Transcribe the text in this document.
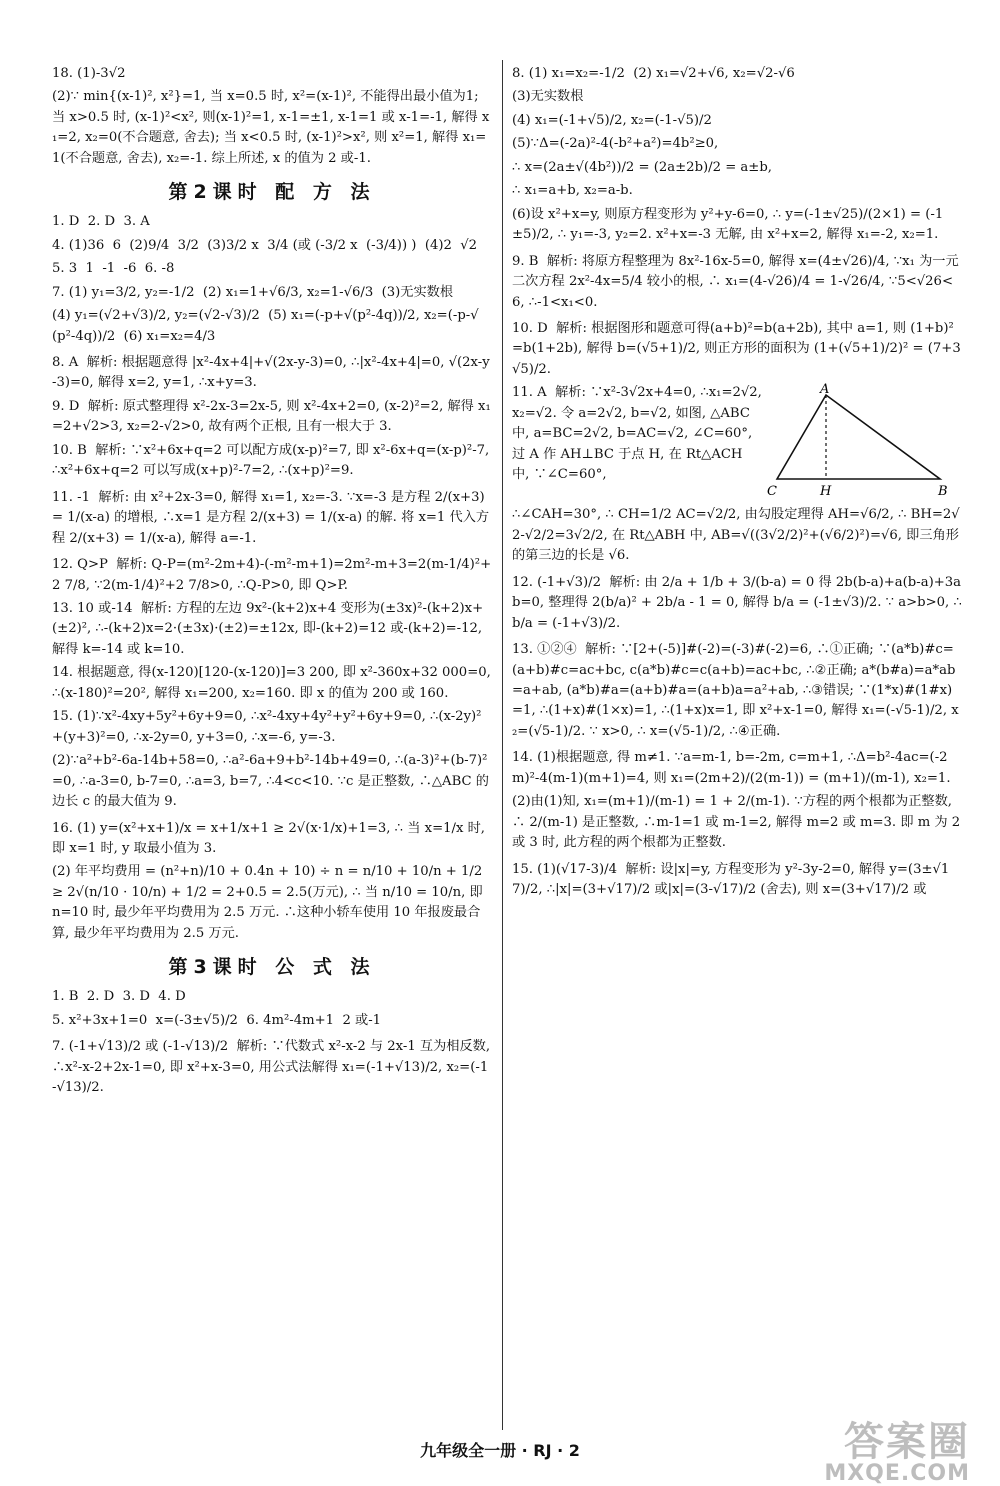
18. (1)-3√2

(2)∵ min{(x-1)², x²}=1, 当 x=0.5 时, x²=(x-1)², 不能得出最小值为1; 当 x>0.5 时, (x-1)²<x², 则(x-1)²=1, x-1=±1, x-1=1 或 x-1=-1, 解得 x₁=2, x₂=0(不合题意, 舍去); 当 x<0.5 时, (x-1)²>x², 则 x²=1, 解得 x₁=1(不合题意, 舍去), x₂=-1. 综上所述, x 的值为 2 或-1.

第2课时 配 方 法

1. D  2. D  3. A

4. (1)36  6  (2)9/4  3/2  (3)3/2 x  3/4 (或 (-3/2 x  (-3/4)) )  (4)2  √2

5. 3  1  -1  -6  6. -8

7. (1) y₁=3/2, y₂=-1/2  (2) x₁=1+√6/3, x₂=1-√6/3  (3)无实数根

(4) y₁=(√2+√3)/2, y₂=(√2-√3)/2  (5) x₁=(-p+√(p²-4q))/2, x₂=(-p-√(p²-4q))/2  (6) x₁=x₂=4/3

8. A  解析: 根据题意得 |x²-4x+4|+√(2x-y-3)=0, ∴|x²-4x+4|=0, √(2x-y-3)=0, 解得 x=2, y=1, ∴x+y=3.

9. D  解析: 原式整理得 x²-2x-3=2x-5, 则 x²-4x+2=0, (x-2)²=2, 解得 x₁=2+√2>3, x₂=2-√2>0, 故有两个正根, 且有一根大于 3.

10. B  解析: ∵x²+6x+q=2 可以配方成(x-p)²=7, 即 x²-6x+q=(x-p)²-7, ∴x²+6x+q=2 可以写成(x+p)²-7=2, ∴(x+p)²=9.

11. -1  解析: 由 x²+2x-3=0, 解得 x₁=1, x₂=-3. ∵x=-3 是方程 2/(x+3) = 1/(x-a) 的增根, ∴x=1 是方程 2/(x+3) = 1/(x-a) 的解. 将 x=1 代入方程 2/(x+3) = 1/(x-a), 解得 a=-1.

12. Q>P  解析: Q-P=(m²-2m+4)-(-m²-m+1)=2m²-m+3=2(m-1/4)²+2 7/8, ∵2(m-1/4)²+2 7/8>0, ∴Q-P>0, 即 Q>P.

13. 10 或-14  解析: 方程的左边 9x²-(k+2)x+4 变形为(±3x)²-(k+2)x+(±2)², ∴-(k+2)x=2·(±3x)·(±2)=±12x, 即-(k+2)=12 或-(k+2)=-12, 解得 k=-14 或 k=10.

14. 根据题意, 得(x-120)[120-(x-120)]=3 200, 即 x²-360x+32 000=0, ∴(x-180)²=20², 解得 x₁=200, x₂=160. 即 x 的值为 200 或 160.

15. (1)∵x²-4xy+5y²+6y+9=0, ∴x²-4xy+4y²+y²+6y+9=0, ∴(x-2y)²+(y+3)²=0, ∴x-2y=0, y+3=0, ∴x=-6, y=-3.

(2)∵a²+b²-6a-14b+58=0, ∴a²-6a+9+b²-14b+49=0, ∴(a-3)²+(b-7)²=0, ∴a-3=0, b-7=0, ∴a=3, b=7, ∴4<c<10. ∵c 是正整数, ∴△ABC 的边长 c 的最大值为 9.

16. (1) y=(x²+x+1)/x = x+1/x+1 ≥ 2√(x·1/x)+1=3, ∴ 当 x=1/x 时, 即 x=1 时, y 取最小值为 3.

(2) 年平均费用 = (n²+n)/10 + 0.4n + 10) ÷ n = n/10 + 10/n + 1/2 ≥ 2√(n/10 · 10/n) + 1/2 = 2+0.5 = 2.5(万元), ∴ 当 n/10 = 10/n, 即 n=10 时, 最少年平均费用为 2.5 万元. ∴这种小轿车使用 10 年报废最合算, 最少年平均费用为 2.5 万元.

第3课时 公 式 法

1. B  2. D  3. D  4. D

5. x²+3x+1=0  x=(-3±√5)/2  6. 4m²-4m+1  2 或-1

7. (-1+√13)/2 或 (-1-√13)/2  解析: ∵代数式 x²-x-2 与 2x-1 互为相反数, ∴x²-x-2+2x-1=0, 即 x²+x-3=0, 用公式法解得 x₁=(-1+√13)/2, x₂=(-1-√13)/2.

8. (1) x₁=x₂=-1/2  (2) x₁=√2+√6, x₂=√2-√6

(3)无实数根

(4) x₁=(-1+√5)/2, x₂=(-1-√5)/2

(5)∵Δ=(-2a)²-4(-b²+a²)=4b²≥0,

∴ x=(2a±√(4b²))/2 = (2a±2b)/2 = a±b,

∴ x₁=a+b, x₂=a-b.

(6)设 x²+x=y, 则原方程变形为 y²+y-6=0, ∴ y=(-1±√25)/(2×1) = (-1±5)/2, ∴ y₁=-3, y₂=2. x²+x=-3 无解, 由 x²+x=2, 解得 x₁=-2, x₂=1.

9. B  解析: 将原方程整理为 8x²-16x-5=0, 解得 x=(4±√26)/4, ∵x₁ 为一元二次方程 2x²-4x=5/4 较小的根, ∴ x₁=(4-√26)/4 = 1-√26/4, ∵5<√26<6, ∴-1<x₁<0.

10. D  解析: 根据图形和题意可得(a+b)²=b(a+2b), 其中 a=1, 则 (1+b)²=b(1+2b), 解得 b=(√5+1)/2, 则正方形的面积为 (1+(√5+1)/2)² = (7+3√5)/2.

11. A  解析: ∵x²-3√2x+4=0, ∴x₁=2√2, x₂=√2. 令 a=2√2, b=√2, 如图, △ABC 中, a=BC=2√2, b=AC=√2, ∠C=60°, 过 A 作 AH⊥BC 于点 H, 在 Rt△ACH 中, ∵∠C=60°,

A
C	H	B

∴∠CAH=30°, ∴ CH=1/2 AC=√2/2, 由勾股定理得 AH=√6/2, ∴ BH=2√2-√2/2=3√2/2, 在 Rt△ABH 中, AB=√((3√2/2)²+(√6/2)²)=√6, 即三角形的第三边的长是 √6.

12. (-1+√3)/2  解析: 由 2/a + 1/b + 3/(b-a) = 0 得 2b(b-a)+a(b-a)+3ab=0, 整理得 2(b/a)² + 2b/a - 1 = 0, 解得 b/a = (-1±√3)/2. ∵ a>b>0, ∴ b/a = (-1+√3)/2.

13. ①②④  解析: ∵[2+(-5)]#(-2)=(-3)#(-2)=6, ∴①正确; ∵(a*b)#c=(a+b)#c=ac+bc, c(a*b)#c=c(a+b)=ac+bc, ∴②正确; a*(b#a)=a*ab=a+ab, (a*b)#a=(a+b)#a=(a+b)a=a²+ab, ∴③错误; ∵(1*x)#(1#x)=1, ∴(1+x)#(1×x)=1, ∴(1+x)x=1, 即 x²+x-1=0, 解得 x₁=(-√5-1)/2, x₂=(√5-1)/2. ∵ x>0, ∴ x=(√5-1)/2, ∴④正确.

14. (1)根据题意, 得 m≠1. ∵a=m-1, b=-2m, c=m+1, ∴Δ=b²-4ac=(-2m)²-4(m-1)(m+1)=4, 则 x₁=(2m+2)/(2(m-1)) = (m+1)/(m-1), x₂=1.

(2)由(1)知, x₁=(m+1)/(m-1) = 1 + 2/(m-1). ∵方程的两个根都为正整数, ∴ 2/(m-1) 是正整数, ∴m-1=1 或 m-1=2, 解得 m=2 或 m=3. 即 m 为 2 或 3 时, 此方程的两个根都为正整数.

15. (1)(√17-3)/4  解析: 设|x|=y, 方程变形为 y²-3y-2=0, 解得 y=(3±√17)/2, ∴|x|=(3+√17)/2 或|x|=(3-√17)/2 (舍去), 则 x=(3+√17)/2 或

九年级全一册 · RJ · 2	答案圈
MXQE.COM
